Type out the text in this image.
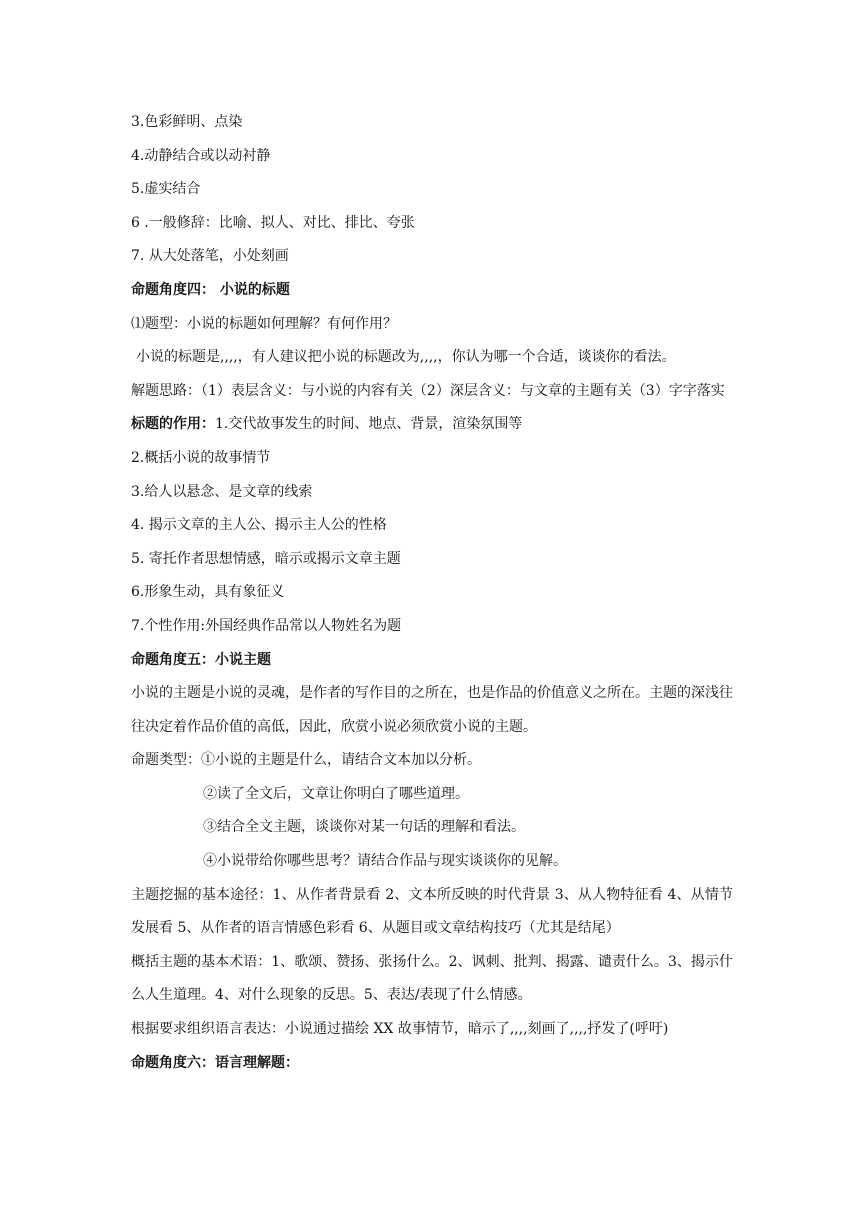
3.色彩鲜明、点染
4.动静结合或以动衬静
5.虚实结合
6 .一般修辞：比喻、拟人、对比、排比、夸张
7. 从大处落笔，小处刻画
命题角度四： 小说的标题
⑴题型：小说的标题如何理解？有何作用？
小说的标题是,,,,，有人建议把小说的标题改为,,,,，你认为哪一个合适，谈谈你的看法。
解题思路：（1）表层含义：与小说的内容有关（2）深层含义：与文章的主题有关（3）字字落实
标题的作用：1.交代故事发生的时间、地点、背景，渲染氛围等
2.概括小说的故事情节
3.给人以悬念、是文章的线索
4. 揭示文章的主人公、揭示主人公的性格
5. 寄托作者思想情感，暗示或揭示文章主题
6.形象生动，具有象征义
7.个性作用:外国经典作品常以人物姓名为题
命题角度五：小说主题
小说的主题是小说的灵魂，是作者的写作目的之所在，也是作品的价值意义之所在。主题的深浅往往决定着作品价值的高低，因此，欣赏小说必须欣赏小说的主题。
命题类型：①小说的主题是什么，请结合文本加以分析。
②读了全文后，文章让你明白了哪些道理。
③结合全文主题，谈谈你对某一句话的理解和看法。
④小说带给你哪些思考？请结合作品与现实谈谈你的见解。
主题挖掘的基本途径：1、从作者背景看 2、文本所反映的时代背景 3、从人物特征看 4、从情节发展看 5、从作者的语言情感色彩看 6、从题目或文章结构技巧（尤其是结尾）
概括主题的基本术语：1、歌颂、赞扬、张扬什么。2、讽刺、批判、揭露、谴责什么。3、揭示什么人生道理。4、对什么现象的反思。5、表达/表现了什么情感。
根据要求组织语言表达：小说通过描绘 XX 故事情节，暗示了,,,,刻画了,,,,抒发了(呼吁)
命题角度六：语言理解题：
